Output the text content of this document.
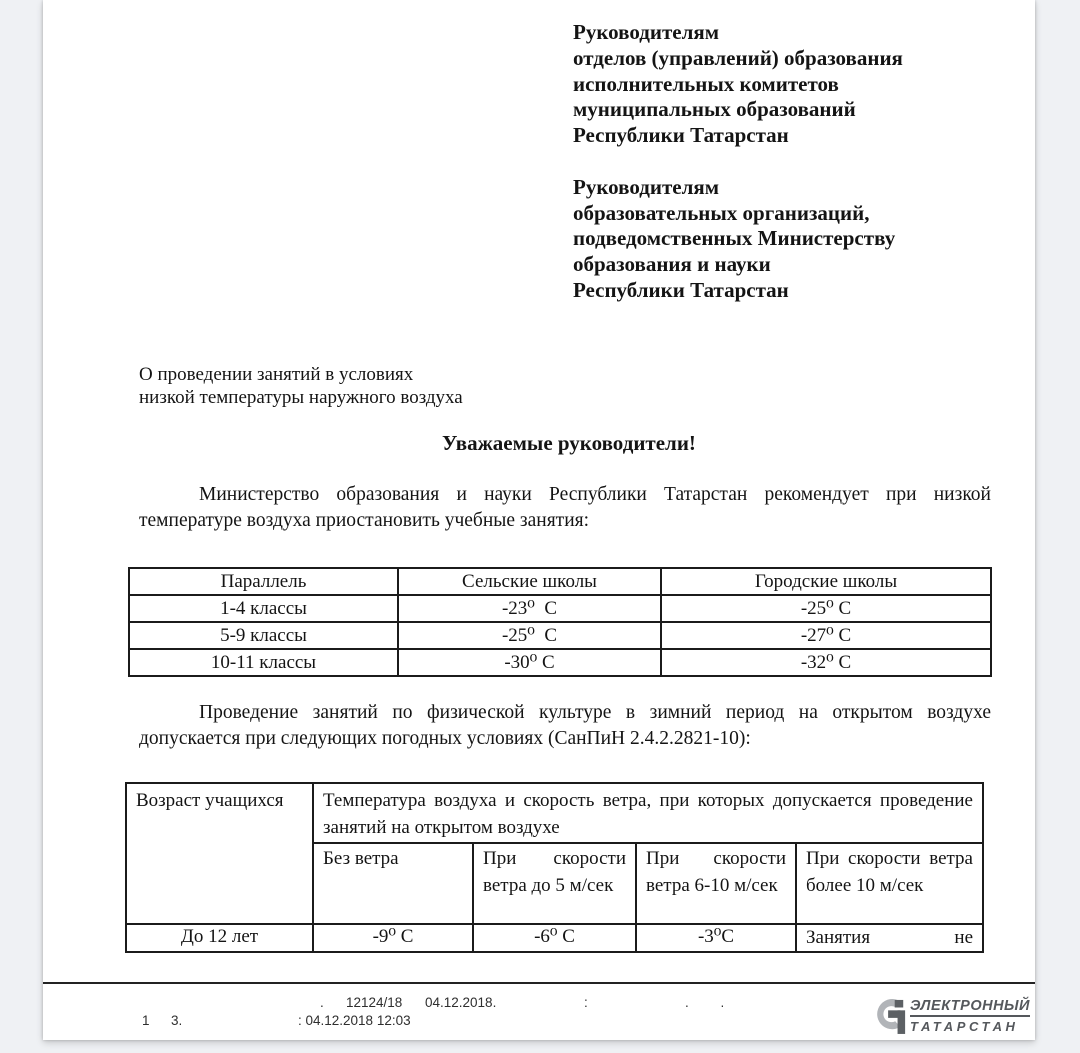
Руководителям
отделов (управлений) образования
исполнительных комитетов
муниципальных образований
Республики Татарстан
Руководителям
образовательных организаций,
подведомственных Министерству
образования и науки
Республики Татарстан
О проведении занятий в условиях
низкой температуры наружного воздуха
Уважаемые руководители!
Министерство образования и науки Республики Татарстан рекомендует при низкой температуре воздуха приостановить учебные занятия:
Параллель	Сельские школы	Городские школы
1-4 классы	-23⁰  С	-25⁰ С
5-9 классы	-25⁰  С	-27⁰ С
10-11 классы	-30⁰ С	-32⁰ С
Проведение занятий по физической культуре в зимний период на открытом воздухе допускается при следующих погодных условиях (СанПиН 2.4.2.2821-10):
Возраст учащихся	Температура воздуха и скорость ветра, при которых допускается проведение занятий на открытом воздухе			
	Без ветра	При скорости ветра до 5 м/сек	При скорости ветра 6-10 м/сек	При скорости ветра более 10 м/сек
До 12 лет	-9⁰ С	-6⁰ С	-3⁰С	Занятия не
. 12124/18 04.12.2018.	:	. .
1 3.	: 04.12.2018 12:03
ЭЛЕКТРОННЫЙ
ТАТАРСТАН
